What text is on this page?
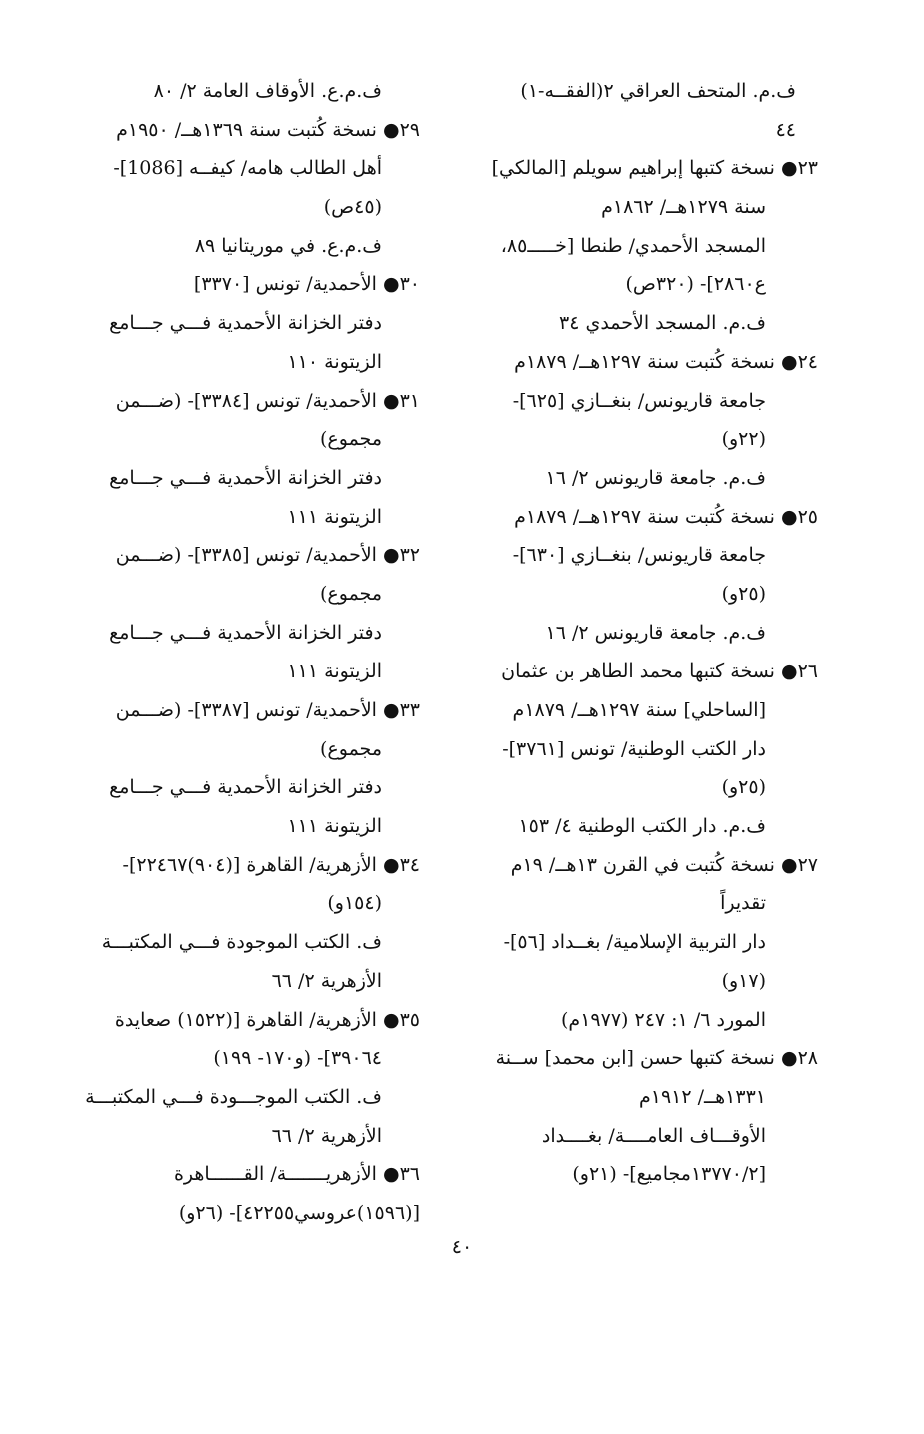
ف.م. المتحف العراقي ٢(الفقــه-١)
٤٤
٢٣● نسخة كتبها إبراهيم سويلم [المالكي]
سنة ١٢٧٩هــ/ ١٨٦٢م
المسجد الأحمدي/ طنطا [خـــــ٨٥،
ع٢٨٦٠]- (٣٢٠ص)
ف.م. المسجد الأحمدي ٣٤
٢٤● نسخة كُتبت سنة ١٢٩٧هــ/ ١٨٧٩م
جامعة قاريونس/ بنغــازي [٦٢٥]-
(٢٢و)
ف.م. جامعة قاريونس ٢/ ١٦
٢٥● نسخة كُتبت سنة ١٢٩٧هــ/ ١٨٧٩م
جامعة قاريونس/ بنغــازي [٦٣٠]-
(٢٥و)
ف.م. جامعة قاريونس ٢/ ١٦
٢٦● نسخة كتبها محمد الطاهر بن عثمان
[الساحلي] سنة ١٢٩٧هــ/ ١٨٧٩م
دار الكتب الوطنية/ تونس [٣٧٦١]-
(٢٥و)
ف.م. دار الكتب الوطنية ٤/ ١٥٣
٢٧● نسخة كُتبت في القرن ١٣هــ/ ١٩م
تقديراً
دار التربية الإسلامية/ بغــداد [٥٦]-
(١٧و)
المورد ٦/ ١: ٢٤٧ (١٩٧٧م)
٢٨● نسخة كتبها حسن [ابن محمد] ســنة
١٣٣١هــ/ ١٩١٢م
الأوقـــاف العامــــة/ بغــــداد
[١٣٧٧٠/٢مجاميع]- (٢١و)
ف.م.ع. الأوقاف العامة ٢/ ٨٠
٢٩● نسخة كُتبت سنة ١٣٦٩هــ/ ١٩٥٠م
أهل الطالب هامه/ كيفــه [1086]-
(٤٥ص)
ف.م.ع. في موريتانيا ٨٩
٣٠● الأحمدية/ تونس [٣٣٧٠]
دفتر الخزانة الأحمدية فـــي جـــامع
الزيتونة ١١٠
٣١● الأحمدية/ تونس [٣٣٨٤]- (ضـــمن
مجموع)
دفتر الخزانة الأحمدية فـــي جـــامع
الزيتونة ١١١
٣٢● الأحمدية/ تونس [٣٣٨٥]- (ضـــمن
مجموع)
دفتر الخزانة الأحمدية فـــي جـــامع
الزيتونة ١١١
٣٣● الأحمدية/ تونس [٣٣٨٧]- (ضـــمن
مجموع)
دفتر الخزانة الأحمدية فـــي جـــامع
الزيتونة ١١١
٣٤● الأزهرية/ القاهرة [(٩٠٤)٢٢٤٦٧]-
(١٥٤و)
ف. الكتب الموجودة فـــي المكتبـــة
الأزهرية ٢/ ٦٦
٣٥● الأزهرية/ القاهرة [(١٥٢٢) صعايدة
٣٩٠٦٤]- (و١٧٠- ١٩٩)
ف. الكتب الموجـــودة فـــي المكتبـــة
الأزهرية ٢/ ٦٦
٣٦● الأزهريـــــــة/ القــــــاهرة
[(١٥٩٦)عروسي٤٢٢٥٥]- (٢٦و)
٤٠
